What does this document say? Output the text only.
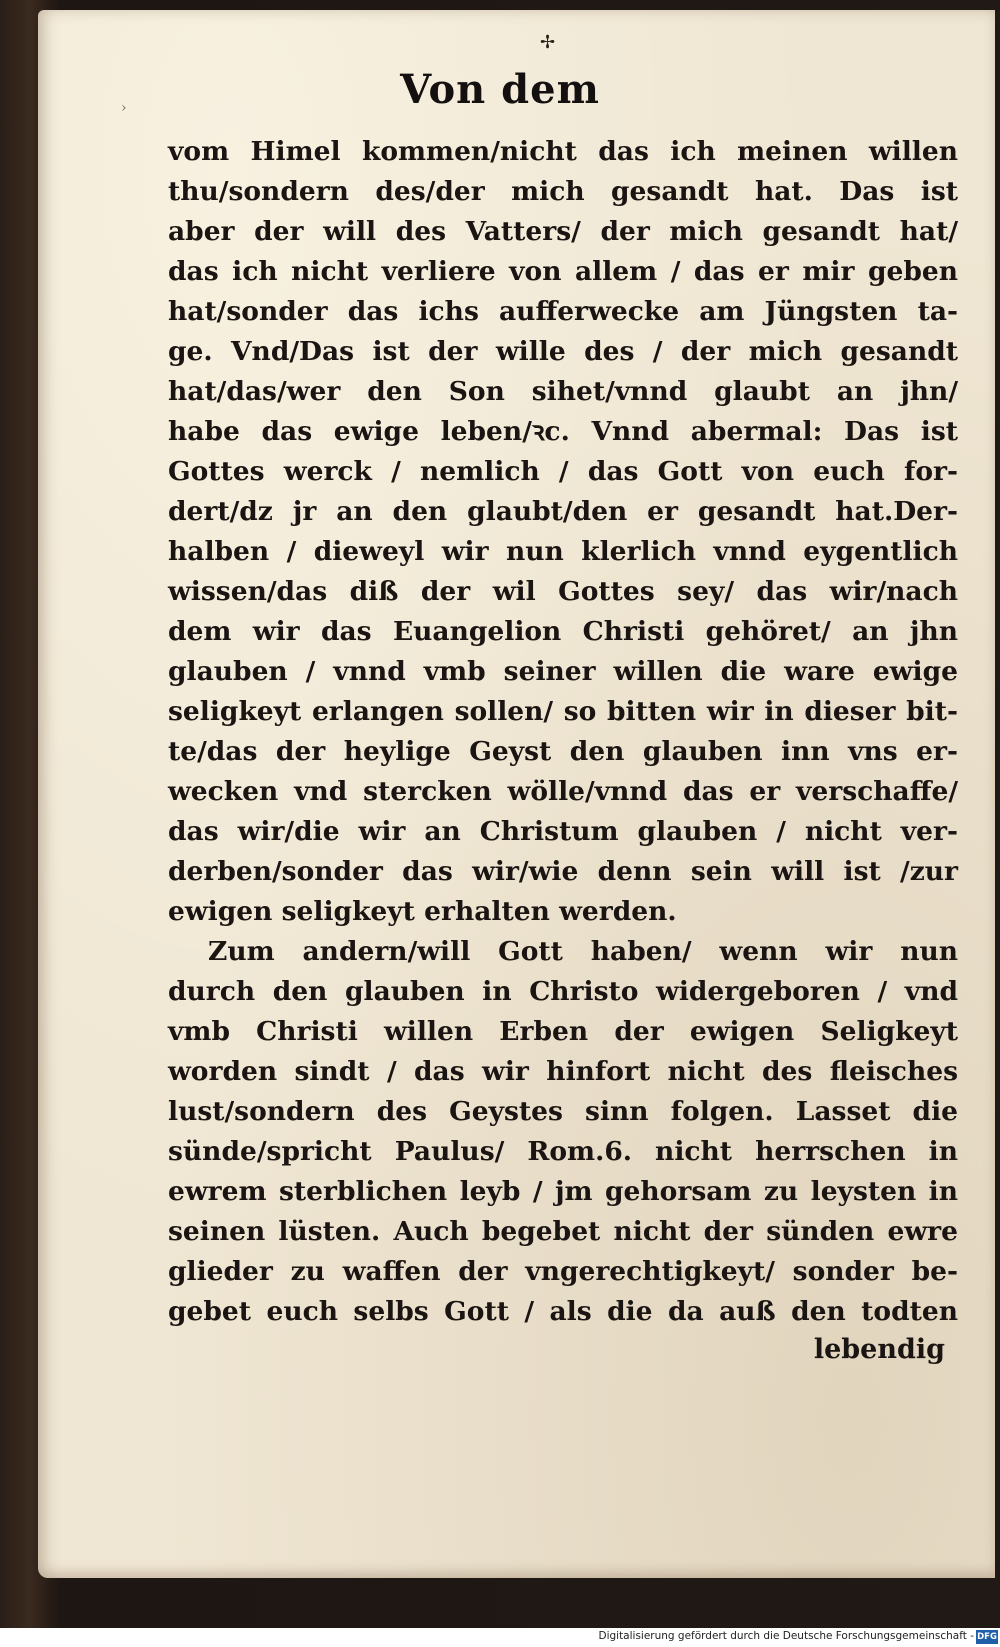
✢
›	Von dem
vom Himel kommen/nicht das ich meinen willen
thu/sondern des/der mich gesandt hat. Das ist
aber der will des Vatters/ der mich gesandt hat/
das ich nicht verliere von allem / das er mir geben
hat/sonder das ichs aufferwecke am Jüngsten ta-
ge. Vnd/Das ist der wille des / der mich gesandt
hat/das/wer den Son sihet/vnnd glaubt an jhn/
habe das ewige leben/ꝛc. Vnnd abermal: Das ist
Gottes werck / nemlich / das Gott von euch for-
dert/dz jr an den glaubt/den er gesandt hat.Der-
halben / dieweyl wir nun klerlich vnnd eygentlich
wissen/das diß der wil Gottes sey/ das wir/nach
dem wir das Euangelion Christi gehöret/ an jhn
glauben / vnnd vmb seiner willen die ware ewige
seligkeyt erlangen sollen/ so bitten wir in dieser bit-
te/das der heylige Geyst den glauben inn vns er-
wecken vnd stercken wölle/vnnd das er verschaffe/
das wir/die wir an Christum glauben / nicht ver-
derben/sonder das wir/wie denn sein will ist /zur
ewigen seligkeyt erhalten werden.
Zum andern/will Gott haben/ wenn wir nun
durch den glauben in Christo widergeboren / vnd
vmb Christi willen Erben der ewigen Seligkeyt
worden sindt / das wir hinfort nicht des fleisches
lust/sondern des Geystes sinn folgen. Lasset die
sünde/spricht Paulus/ Rom.6. nicht herrschen in
ewrem sterblichen leyb / jm gehorsam zu leysten in
seinen lüsten. Auch begebet nicht der sünden ewre
glieder zu waffen der vngerechtigkeyt/ sonder be-
gebet euch selbs Gott / als die da auß den todten
lebendig
Digitalisierung gefördert durch die Deutsche Forschungsgemeinschaft - DFG
